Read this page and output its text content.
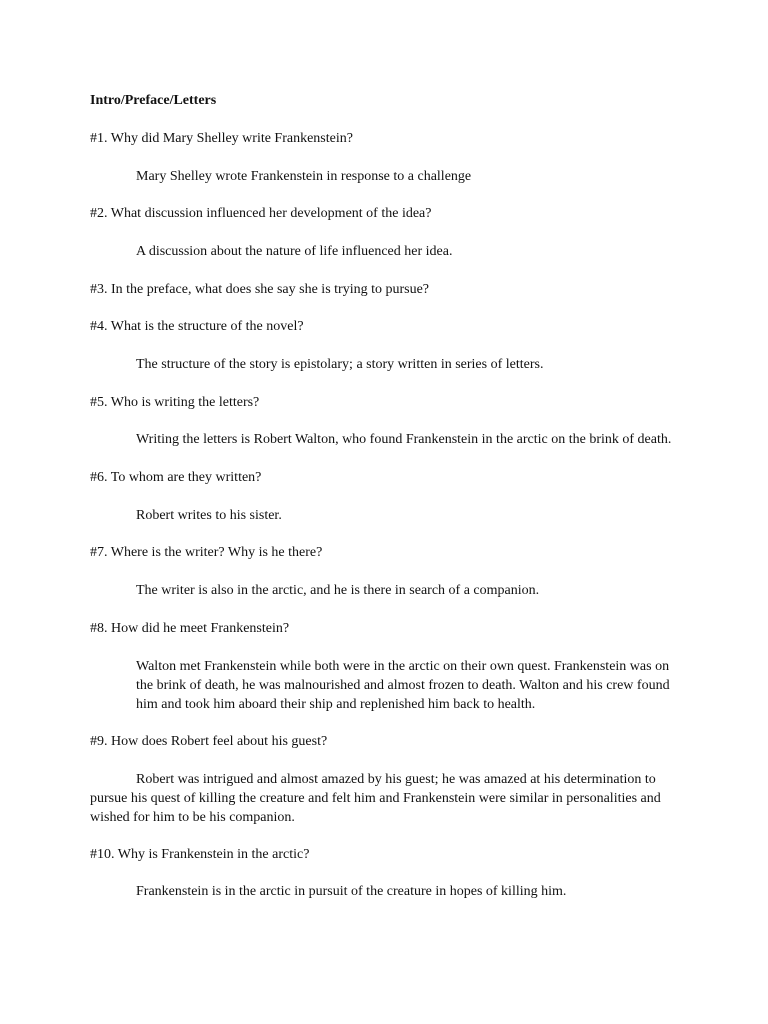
Intro/Preface/Letters
#1. Why did Mary Shelley write Frankenstein?
Mary Shelley wrote Frankenstein in response to a challenge
#2. What discussion influenced her development of the idea?
A discussion about the nature of life influenced her idea.
#3. In the preface, what does she say she is trying to pursue?
#4. What is the structure of the novel?
The structure of the story is epistolary; a story written in series of letters.
#5. Who is writing the letters?
Writing the letters is Robert Walton, who found Frankenstein in the arctic on the brink of death.
#6. To whom are they written?
Robert writes to his sister.
#7. Where is the writer? Why is he there?
The writer is also in the arctic, and he is there in search of a companion.
#8. How did he meet Frankenstein?
Walton met Frankenstein while both were in the arctic on their own quest. Frankenstein was on the brink of death, he was malnourished and almost frozen to death. Walton and his crew found him and took him aboard their ship and replenished him back to health.
#9. How does Robert feel about his guest?
Robert was intrigued and almost amazed by his guest; he was amazed at his determination to pursue his quest of killing the creature and felt him and Frankenstein were similar in personalities and wished for him to be his companion.
#10. Why is Frankenstein in the arctic?
Frankenstein is in the arctic in pursuit of the creature in hopes of killing him.
